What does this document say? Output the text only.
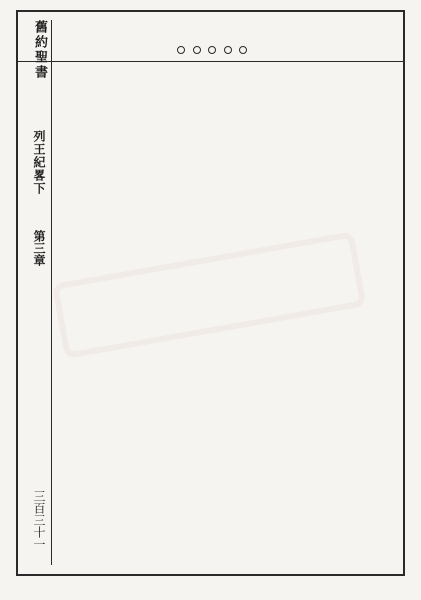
舊約聖書
列王紀畧下
第三章
三百三十一
